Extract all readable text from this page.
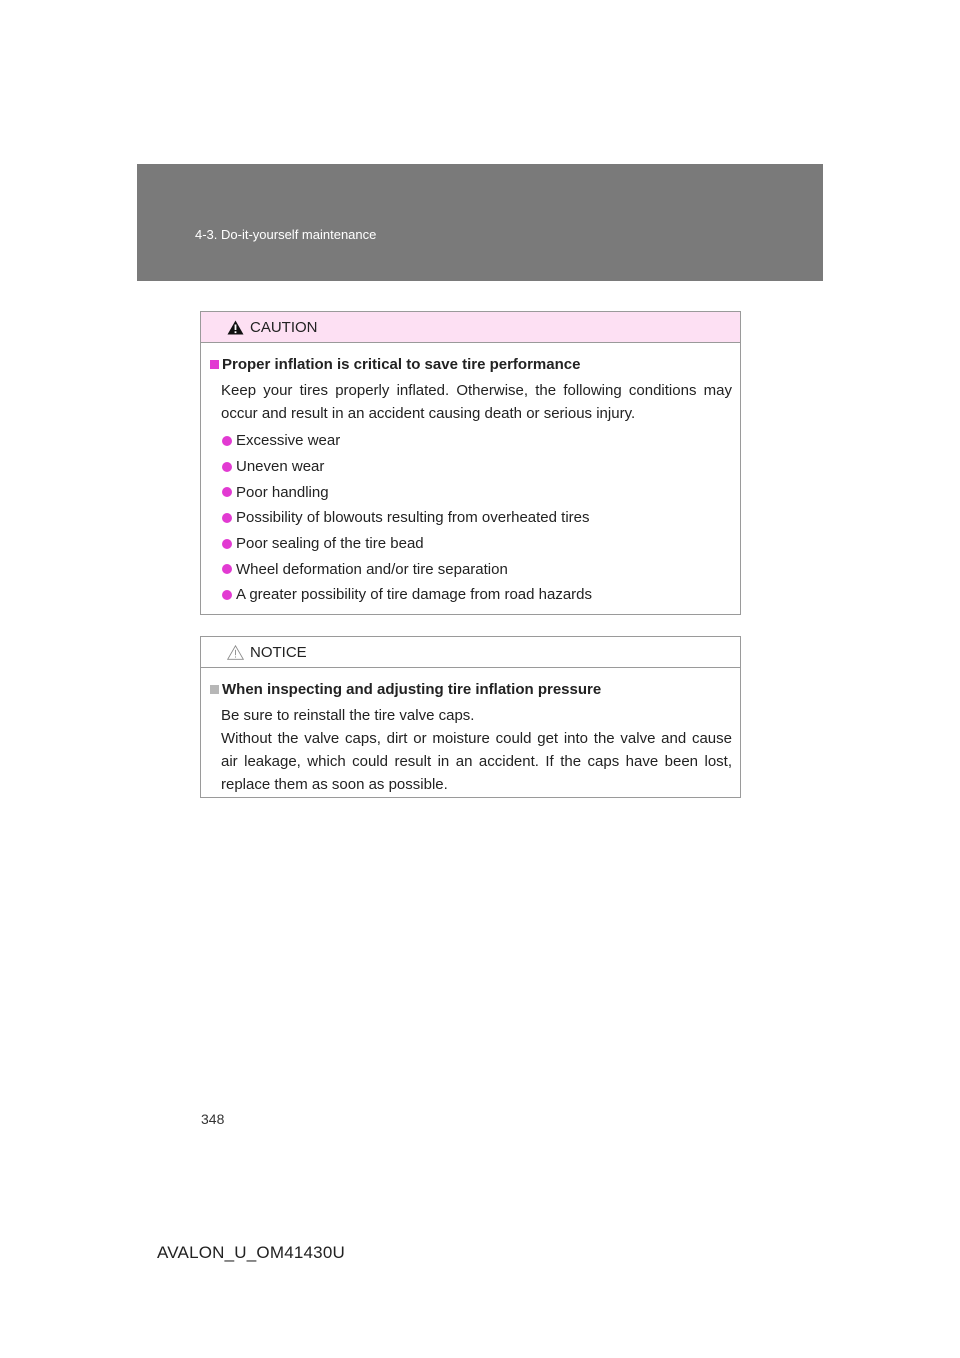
4-3. Do-it-yourself maintenance
CAUTION
Proper inflation is critical to save tire performance

Keep your tires properly inflated. Otherwise, the following conditions may occur and result in an accident causing death or serious injury.

Excessive wear
Uneven wear
Poor handling
Possibility of blowouts resulting from overheated tires
Poor sealing of the tire bead
Wheel deformation and/or tire separation
A greater possibility of tire damage from road hazards
NOTICE
When inspecting and adjusting tire inflation pressure

Be sure to reinstall the tire valve caps.

Without the valve caps, dirt or moisture could get into the valve and cause air leakage, which could result in an accident. If the caps have been lost, replace them as soon as possible.

348
AVALON_U_OM41430U
